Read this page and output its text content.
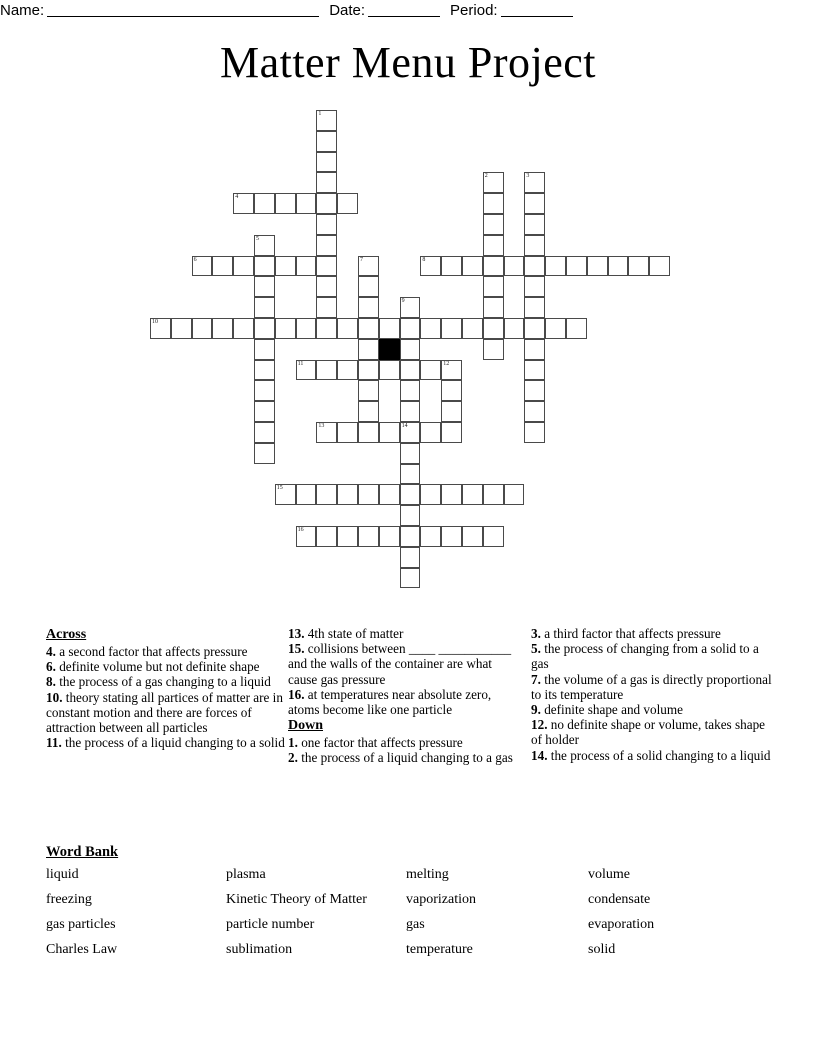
Name:	Date:	Period:
Matter Menu Project
1
2	3
4
5
6	7	8
9
14
10
11	12
13
15
16
Across
4. a second factor that affects pressure
6. definite volume but not definite shape
8. the process of a gas changing to a liquid
10. theory stating all partices of matter are in constant motion and there are forces of attraction between all particles
11. the process of a liquid changing to a solid
13. 4th state of matter
15. collisions between ____ ___________ and the walls of the container are what cause gas pressure
16. at temperatures near absolute zero, atoms become like one particle
Down
1. one factor that affects pressure
2. the process of a liquid changing to a gas
3. a third factor that affects pressure
5. the process of changing from a solid to a gas
7. the volume of a gas is directly proportional to its temperature
9. definite shape and volume
12. no definite shape or volume, takes shape of holder
14. the process of a solid changing to a liquid
Word Bank
liquid	plasma	melting	volume
freezing	Kinetic Theory of Matter	vaporization	condensate
gas particles	particle number	gas	evaporation
Charles Law	sublimation	temperature	solid
